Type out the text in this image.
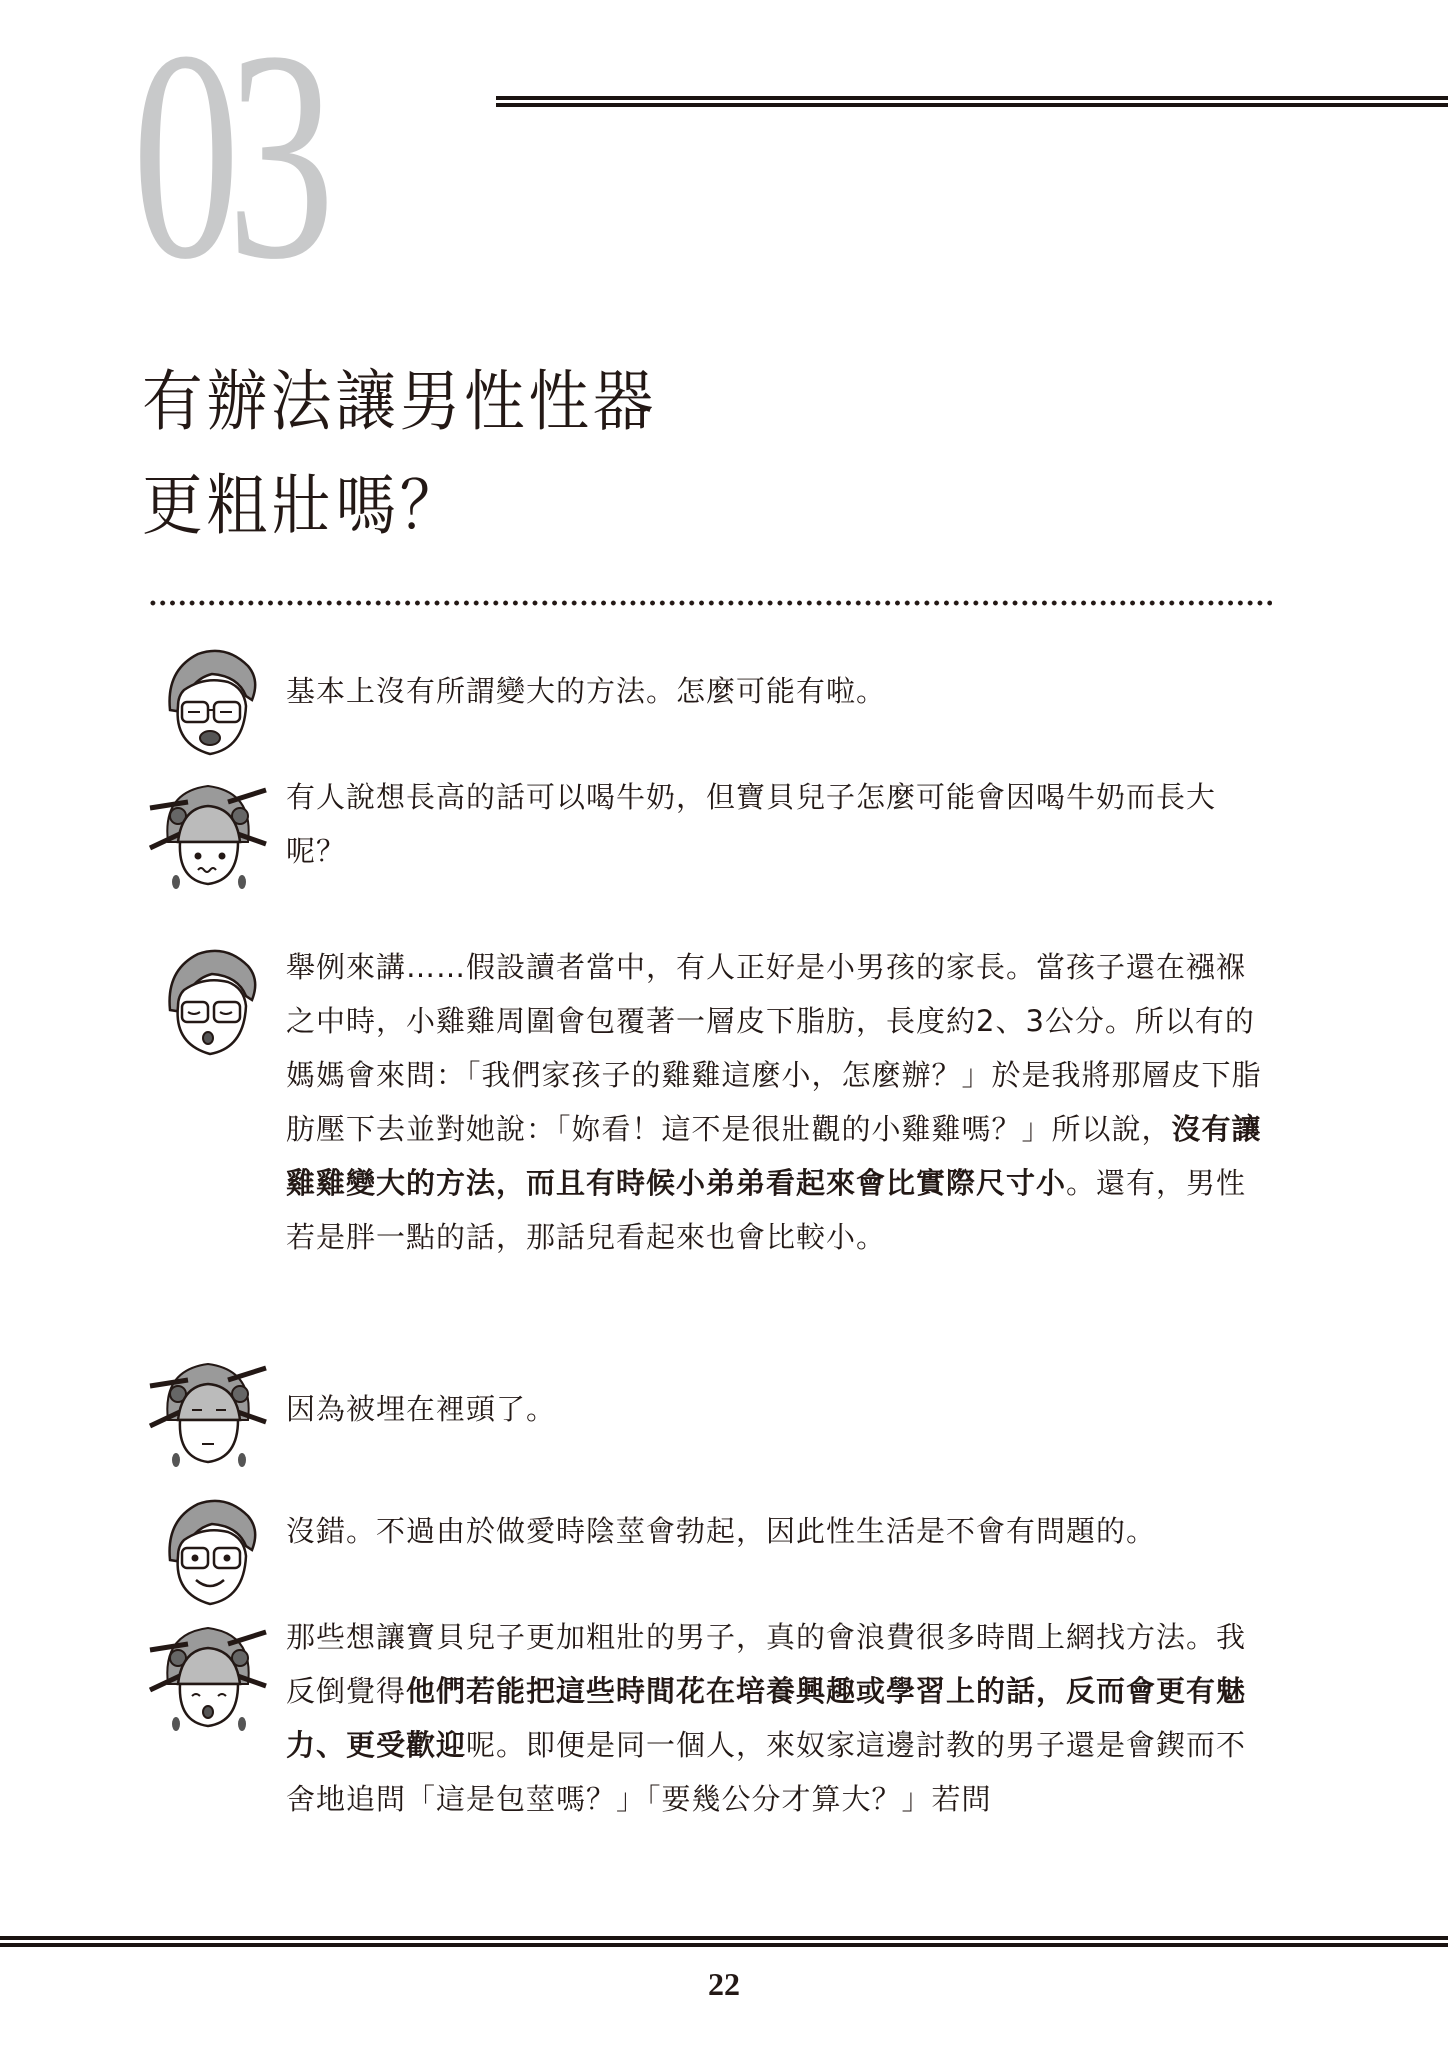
03
有辦法讓男性性器
更粗壯嗎？
基本上沒有所謂變大的方法。怎麼可能有啦。
有人說想長高的話可以喝牛奶，但寶貝兒子怎麼可能會因喝牛奶而長大呢？
舉例來講……假設讀者當中，有人正好是小男孩的家長。當孩子還在襁褓之中時，小雞雞周圍會包覆著一層皮下脂肪，長度約2、3公分。所以有的媽媽會來問：「我們家孩子的雞雞這麼小，怎麼辦？」於是我將那層皮下脂肪壓下去並對她說：「妳看！這不是很壯觀的小雞雞嗎？」所以說，沒有讓雞雞變大的方法，而且有時候小弟弟看起來會比實際尺寸小。還有，男性若是胖一點的話，那話兒看起來也會比較小。
因為被埋在裡頭了。
沒錯。不過由於做愛時陰莖會勃起，因此性生活是不會有問題的。
那些想讓寶貝兒子更加粗壯的男子，真的會浪費很多時間上網找方法。我反倒覺得他們若能把這些時間花在培養興趣或學習上的話，反而會更有魅力、更受歡迎呢。即便是同一個人，來奴家這邊討教的男子還是會鍥而不舍地追問「這是包莖嗎？」「要幾公分才算大？」若問
22
